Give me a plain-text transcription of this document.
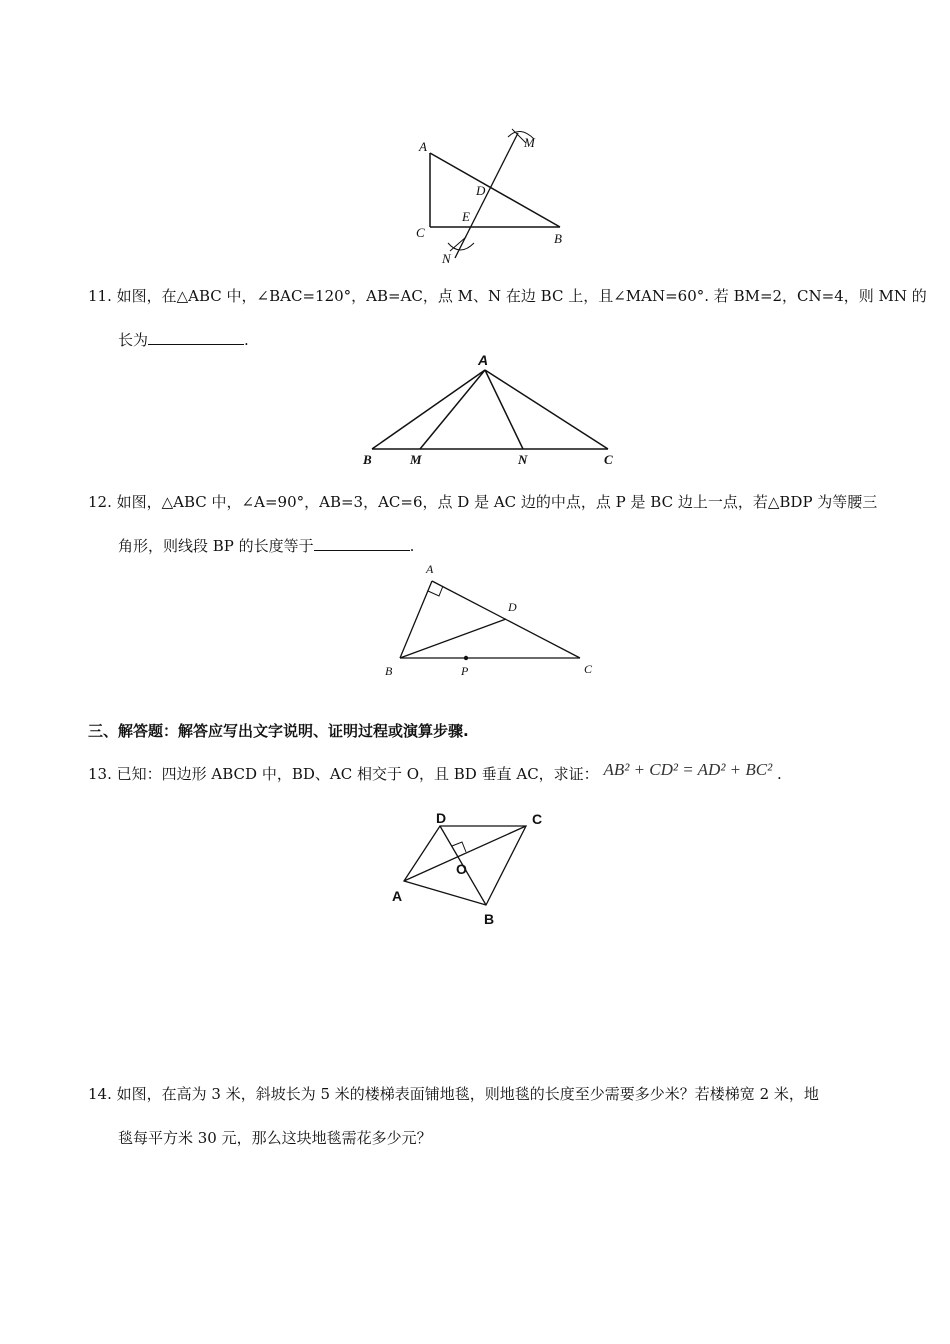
A
C	B
D
E
M
N
11. 如图，在△ABC 中，∠BAC=120°，AB=AC，点 M、N 在边 BC 上，且∠MAN=60°. 若 BM=2，CN=4，则 MN 的
长为	.
A
B	M	N	C
12. 如图，△ABC 中，∠A=90°，AB=3，AC=6，点 D 是 AC 边的中点，点 P 是 BC 边上一点，若△BDP 为等腰三
角形，则线段 BP 的长度等于	.
A
B	C
D
P
三、解答题：解答应写出文字说明、证明过程或演算步骤.
13. 已知：四边形 ABCD 中，BD、AC 相交于 O，且 BD 垂直 AC，求证： AB² + CD² = AD² + BC² .
D	C
A
B
O
14. 如图，在高为 3 米，斜坡长为 5 米的楼梯表面铺地毯，则地毯的长度至少需要多少米？若楼梯宽 2 米，地
毯每平方米 30 元，那么这块地毯需花多少元？
